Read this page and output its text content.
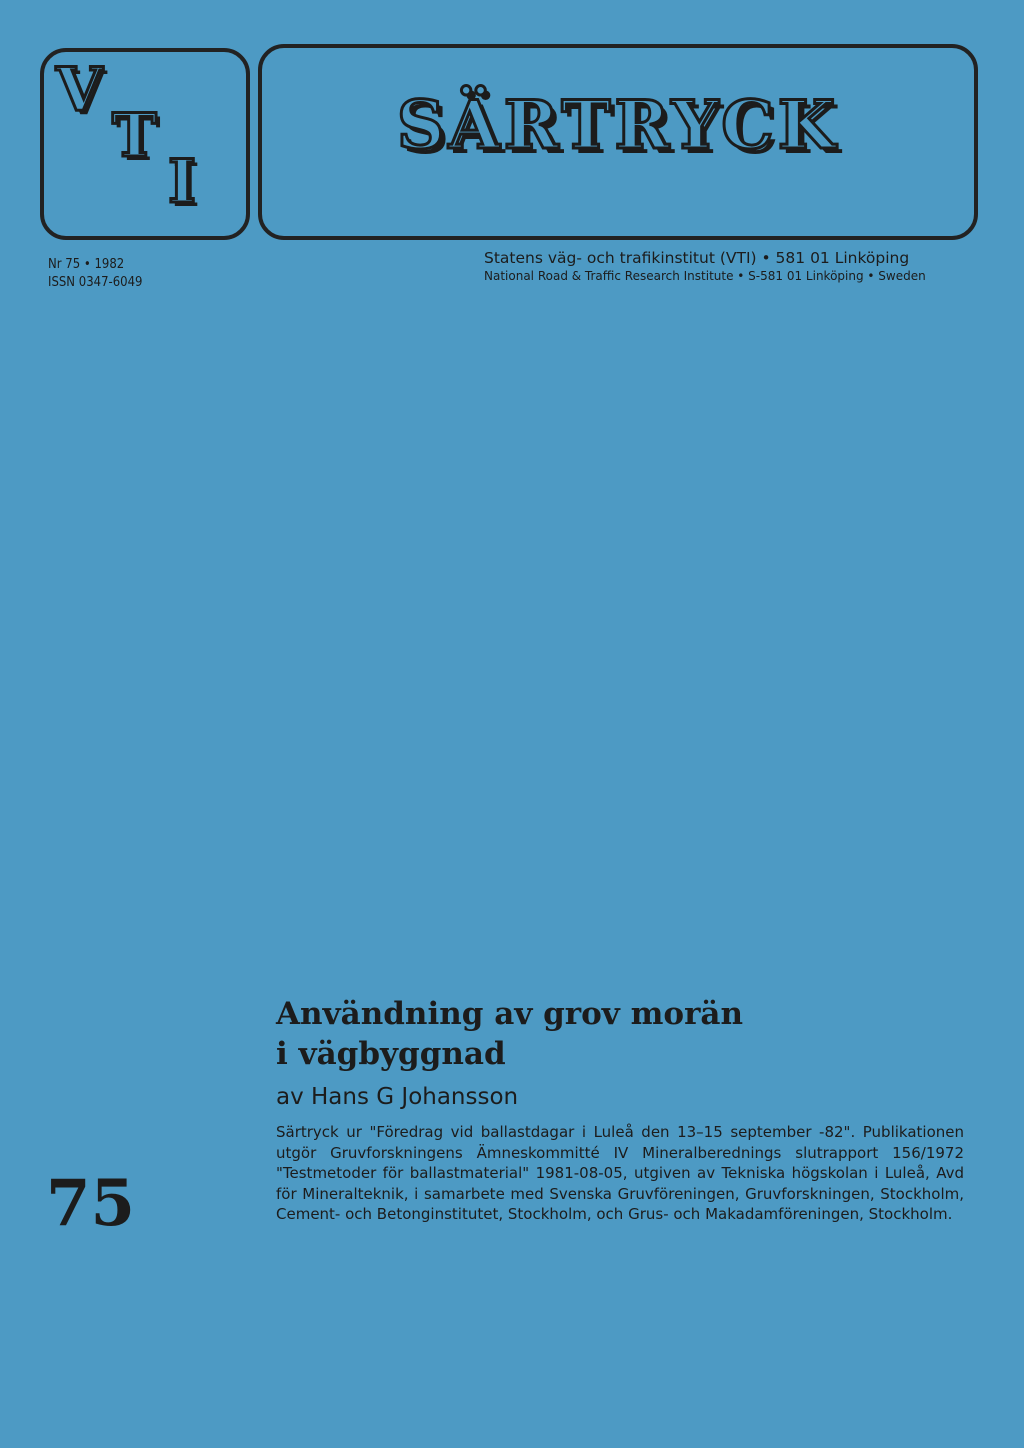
V
T
I
SÄRTRYCK
Nr 75 • 1982
ISSN 0347-6049
Statens väg- och trafikinstitut (VTI) • 581 01 Linköping
National Road & Traffic Research Institute • S-581 01 Linköping • Sweden
75
Användning av grov morän
i vägbyggnad
av Hans G Johansson
Särtryck ur "Föredrag vid ballastdagar i Luleå den 13–15 september -82". Publikationen utgör Gruvforskningens Ämneskommitté IV Mineralberednings slutrapport 156/1972 "Testmetoder för ballastmaterial" 1981-08-05, utgiven av Tekniska högskolan i Luleå, Avd för Mineralteknik, i samarbete med Svenska Gruvföreningen, Gruvforskningen, Stockholm, Cement- och Betonginstitutet, Stockholm, och Grus- och Makadamföreningen, Stockholm.
